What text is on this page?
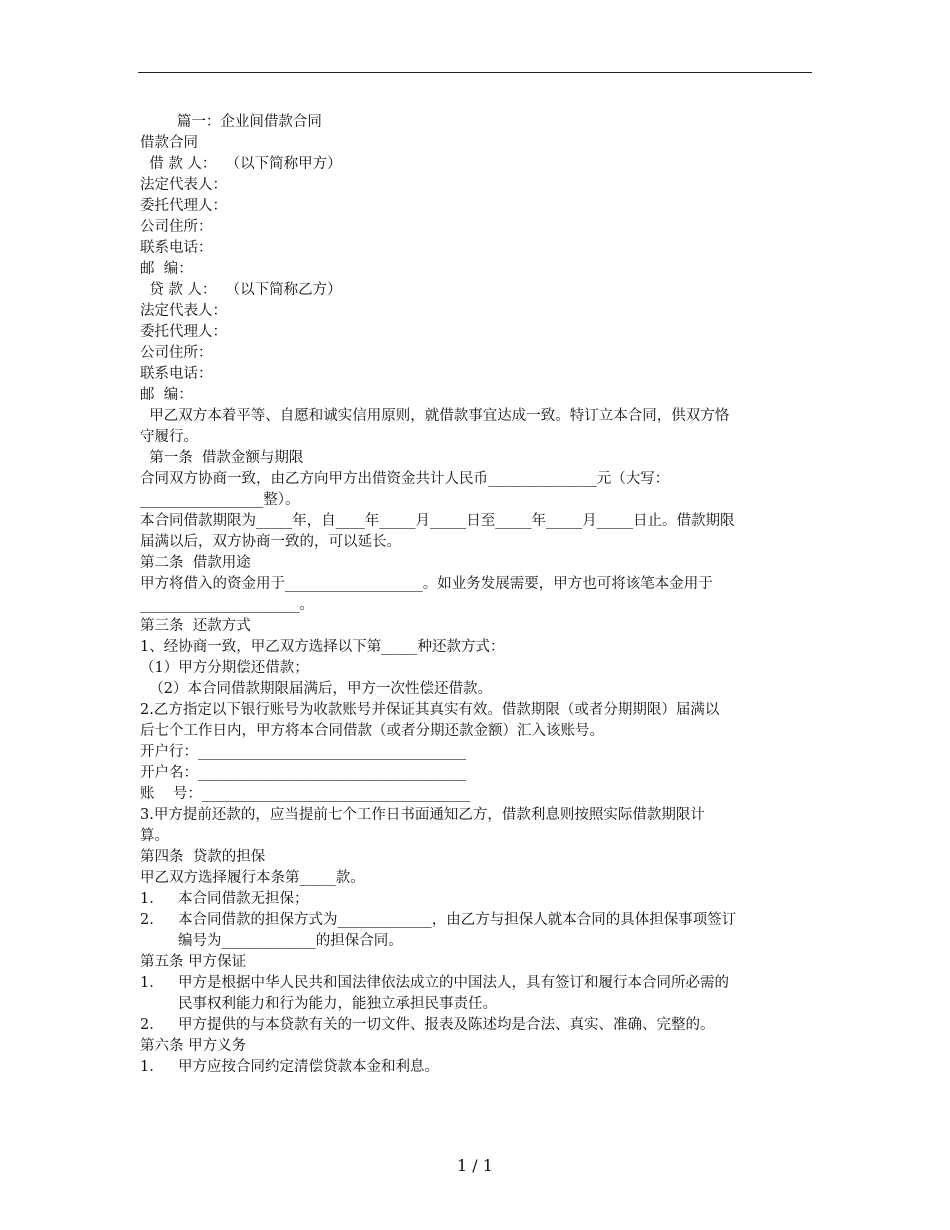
篇一：企业间借款合同
借款合同
借 款 人：  （以下简称甲方）
法定代表人：
委托代理人：
公司住所：
联系电话：
邮  编：
贷 款 人：  （以下简称乙方）
法定代表人：
委托代理人：
公司住所：
联系电话：
邮  编：
甲乙双方本着平等、自愿和诚实信用原则，就借款事宜达成一致。特订立本合同，供双方恪
守履行。
第一条  借款金额与期限
合同双方协商一致，由乙方向甲方出借资金共计人民币_______________元（大写：
_________________整）。
本合同借款期限为_____年，自____年_____月_____日至_____年_____月_____日止。借款期限
届满以后，双方协商一致的，可以延长。
第二条  借款用途
甲方将借入的资金用于___________________。如业务发展需要，甲方也可将该笔本金用于
______________________。
第三条  还款方式
1、经协商一致，甲乙双方选择以下第_____种还款方式：
（1）甲方分期偿还借款；
（2）本合同借款期限届满后，甲方一次性偿还借款。
2.乙方指定以下银行账号为收款账号并保证其真实有效。借款期限（或者分期期限）届满以
后七个工作日内，甲方将本合同借款（或者分期还款金额）汇入该账号。
开户行：_____________________________________
开户名：_____________________________________
账    号：_____________________________________
3.甲方提前还款的，应当提前七个工作日书面通知乙方，借款利息则按照实际借款期限计
算。
第四条  贷款的担保
甲乙双方选择履行本条第_____款。
1． 本合同借款无担保；
2． 本合同借款的担保方式为_____________，由乙方与担保人就本合同的具体担保事项签订
编号为_____________的担保合同。
第五条 甲方保证
1． 甲方是根据中华人民共和国法律依法成立的中国法人，具有签订和履行本合同所必需的
民事权利能力和行为能力，能独立承担民事责任。
2． 甲方提供的与本贷款有关的一切文件、报表及陈述均是合法、真实、准确、完整的。
第六条 甲方义务
1． 甲方应按合同约定清偿贷款本金和利息。
1 / 1
